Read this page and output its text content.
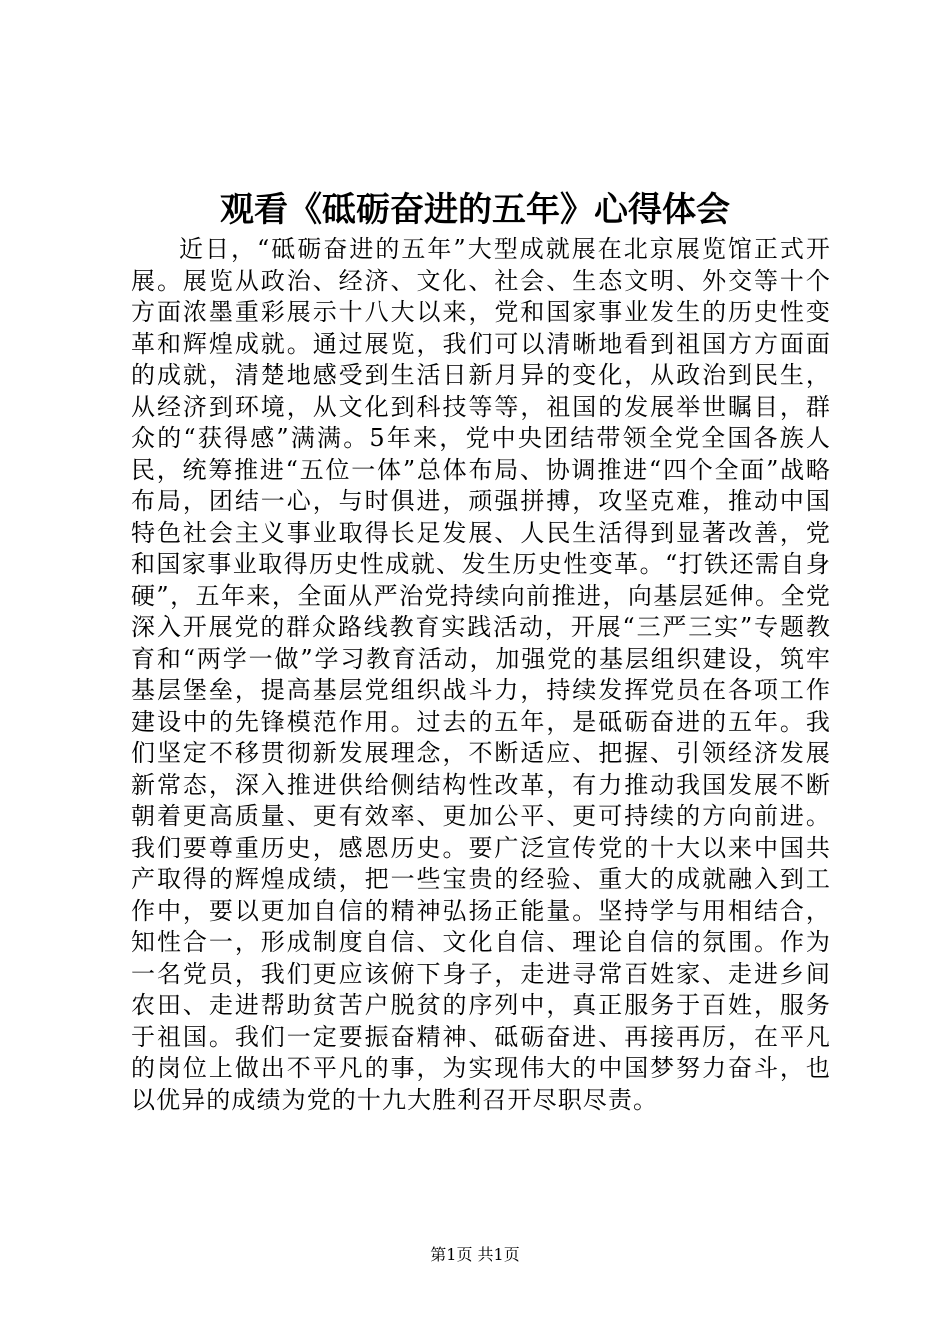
观看《砥砺奋进的五年》心得体会

近日，“砥砺奋进的五年”大型成就展在北京展览馆正式开展。展览从政治、经济、文化、社会、生态文明、外交等十个方面浓墨重彩展示十八大以来，党和国家事业发生的历史性变革和辉煌成就。通过展览，我们可以清晰地看到祖国方方面面的成就，清楚地感受到生活日新月异的变化，从政治到民生，从经济到环境，从文化到科技等等，祖国的发展举世瞩目，群众的“获得感”满满。5年来，党中央团结带领全党全国各族人民，统筹推进“五位一体”总体布局、协调推进“四个全面”战略布局，团结一心，与时俱进，顽强拼搏，攻坚克难，推动中国特色社会主义事业取得长足发展、人民生活得到显著改善，党和国家事业取得历史性成就、发生历史性变革。“打铁还需自身硬”，五年来，全面从严治党持续向前推进，向基层延伸。全党深入开展党的群众路线教育实践活动，开展“三严三实”专题教育和“两学一做”学习教育活动，加强党的基层组织建设，筑牢基层堡垒，提高基层党组织战斗力，持续发挥党员在各项工作建设中的先锋模范作用。过去的五年，是砥砺奋进的五年。我们坚定不移贯彻新发展理念，不断适应、把握、引领经济发展新常态，深入推进供给侧结构性改革，有力推动我国发展不断朝着更高质量、更有效率、更加公平、更可持续的方向前进。我们要尊重历史，感恩历史。要广泛宣传党的十大以来中国共产取得的辉煌成绩，把一些宝贵的经验、重大的成就融入到工作中，要以更加自信的精神弘扬正能量。坚持学与用相结合，知性合一，形成制度自信、文化自信、理论自信的氛围。作为一名党员，我们更应该俯下身子，走进寻常百姓家、走进乡间农田、走进帮助贫苦户脱贫的序列中，真正服务于百姓，服务于祖国。我们一定要振奋精神、砥砺奋进、再接再厉，在平凡的岗位上做出不平凡的事，为实现伟大的中国梦努力奋斗，也以优异的成绩为党的十九大胜利召开尽职尽责。

第1页 共1页
